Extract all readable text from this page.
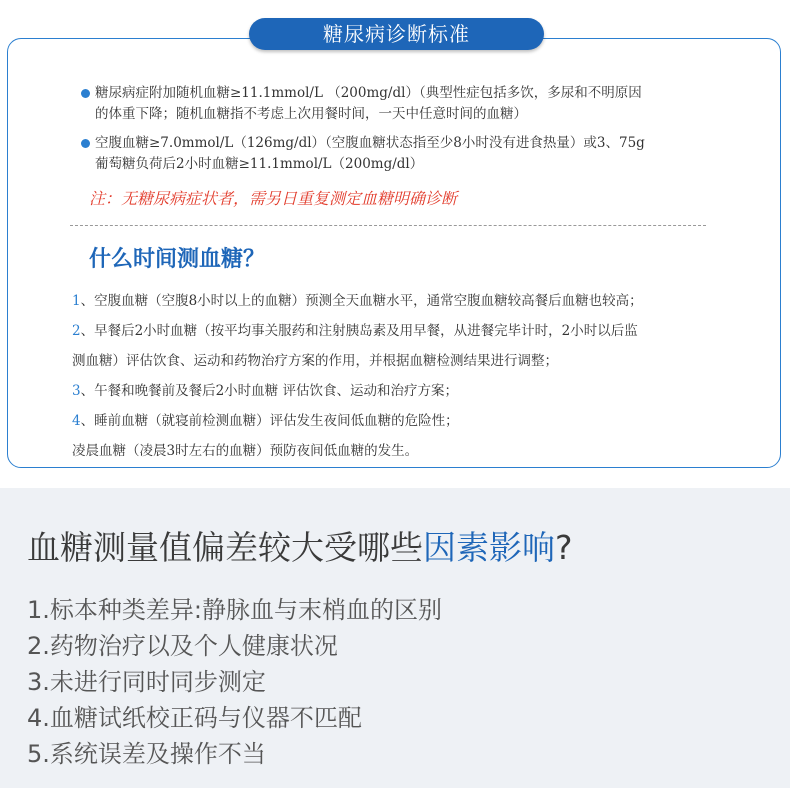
糖尿病诊断标准
糖尿病症附加随机血糖≥11.1mmol/L （200mg/dl）（典型性症包括多饮，多尿和不明原因
的体重下降；随机血糖指不考虑上次用餐时间，一天中任意时间的血糖）
空腹血糖≥7.0mmol/L（126mg/dl）（空腹血糖状态指至少8小时没有进食热量）或3、75g
葡萄糖负荷后2小时血糖≥11.1mmol/L（200mg/dl）
注：无糖尿病症状者，需另日重复测定血糖明确诊断
什么时间测血糖？
1、空腹血糖（空腹8小时以上的血糖）预测全天血糖水平，通常空腹血糖较高餐后血糖也较高；
2、早餐后2小时血糖（按平均事关服药和注射胰岛素及用早餐，从进餐完毕计时，2小时以后监
测血糖）评估饮食、运动和药物治疗方案的作用，并根据血糖检测结果进行调整；
3、午餐和晚餐前及餐后2小时血糖 评估饮食、运动和治疗方案；
4、睡前血糖（就寝前检测血糖）评估发生夜间低血糖的危险性；
凌晨血糖（凌晨3时左右的血糖）预防夜间低血糖的发生。
血糖测量值偏差较大受哪些因素影响?
1.标本种类差异:静脉血与末梢血的区别
2.药物治疗以及个人健康状况
3.未进行同时同步测定
4.血糖试纸校正码与仪器不匹配
5.系统误差及操作不当
